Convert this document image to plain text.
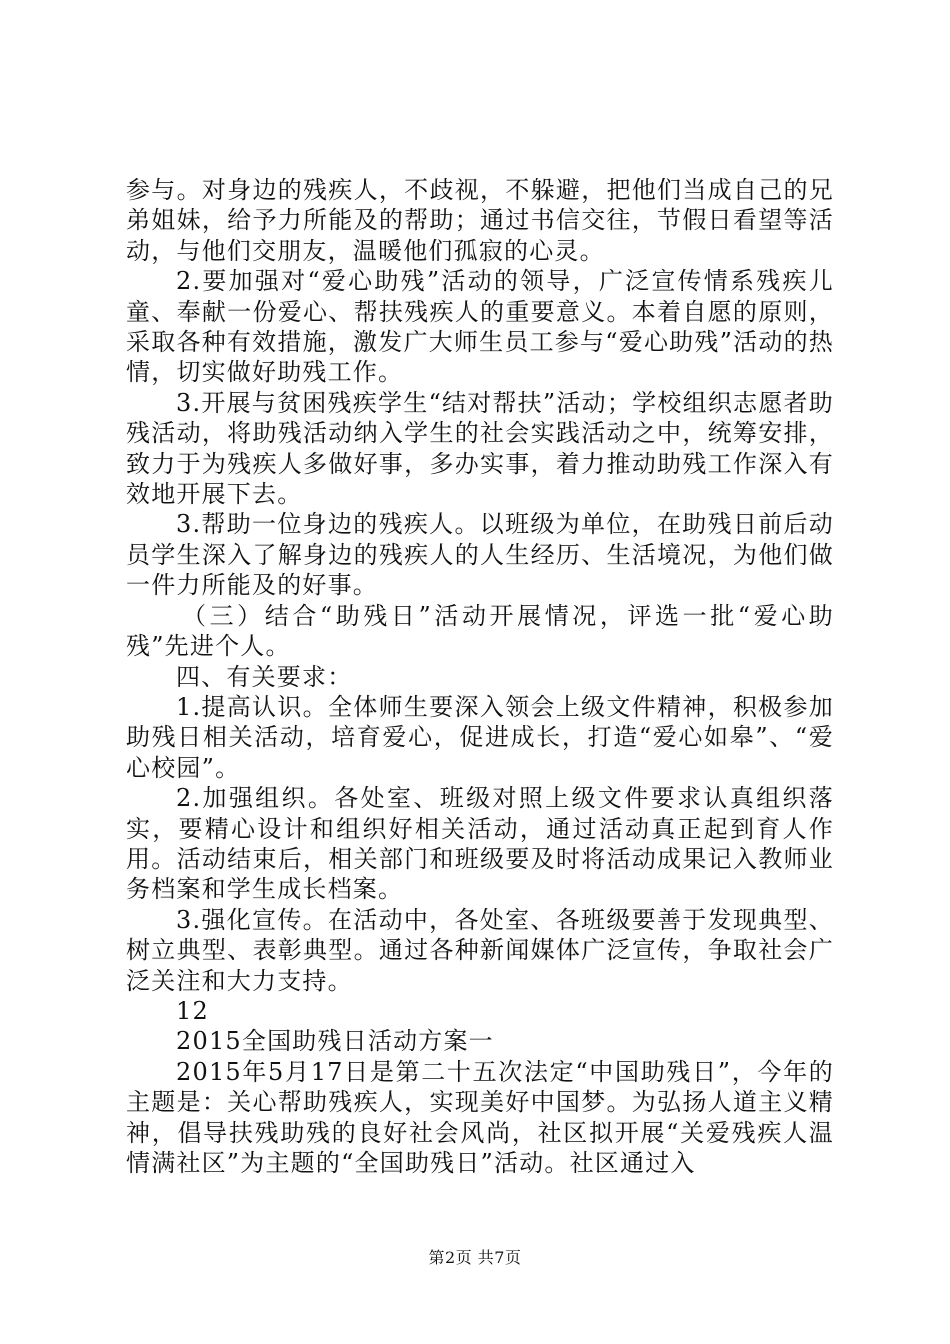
参与。对身边的残疾人，不歧视，不躲避，把他们当成自己的兄弟姐妹，给予力所能及的帮助；通过书信交往，节假日看望等活动，与他们交朋友，温暖他们孤寂的心灵。

2.要加强对“爱心助残”活动的领导，广泛宣传情系残疾儿童、奉献一份爱心、帮扶残疾人的重要意义。本着自愿的原则，采取各种有效措施，激发广大师生员工参与“爱心助残”活动的热情，切实做好助残工作。

3.开展与贫困残疾学生“结对帮扶”活动；学校组织志愿者助残活动，将助残活动纳入学生的社会实践活动之中，统筹安排，致力于为残疾人多做好事，多办实事，着力推动助残工作深入有效地开展下去。

3.帮助一位身边的残疾人。以班级为单位，在助残日前后动员学生深入了解身边的残疾人的人生经历、生活境况，为他们做一件力所能及的好事。

（三）结合“助残日”活动开展情况，评选一批“爱心助残”先进个人。

四、有关要求：

1.提高认识。全体师生要深入领会上级文件精神，积极参加助残日相关活动，培育爱心，促进成长，打造“爱心如皋”、“爱心校园”。

2.加强组织。各处室、班级对照上级文件要求认真组织落实，要精心设计和组织好相关活动，通过活动真正起到育人作用。活动结束后，相关部门和班级要及时将活动成果记入教师业务档案和学生成长档案。

3.强化宣传。在活动中，各处室、各班级要善于发现典型、树立典型、表彰典型。通过各种新闻媒体广泛宣传，争取社会广泛关注和大力支持。

12

2015全国助残日活动方案一

2015年5月17日是第二十五次法定“中国助残日”，今年的主题是：关心帮助残疾人，实现美好中国梦。为弘扬人道主义精神，倡导扶残助残的良好社会风尚，社区拟开展“关爱残疾人温情满社区”为主题的“全国助残日”活动。社区通过入

第2页 共7页
